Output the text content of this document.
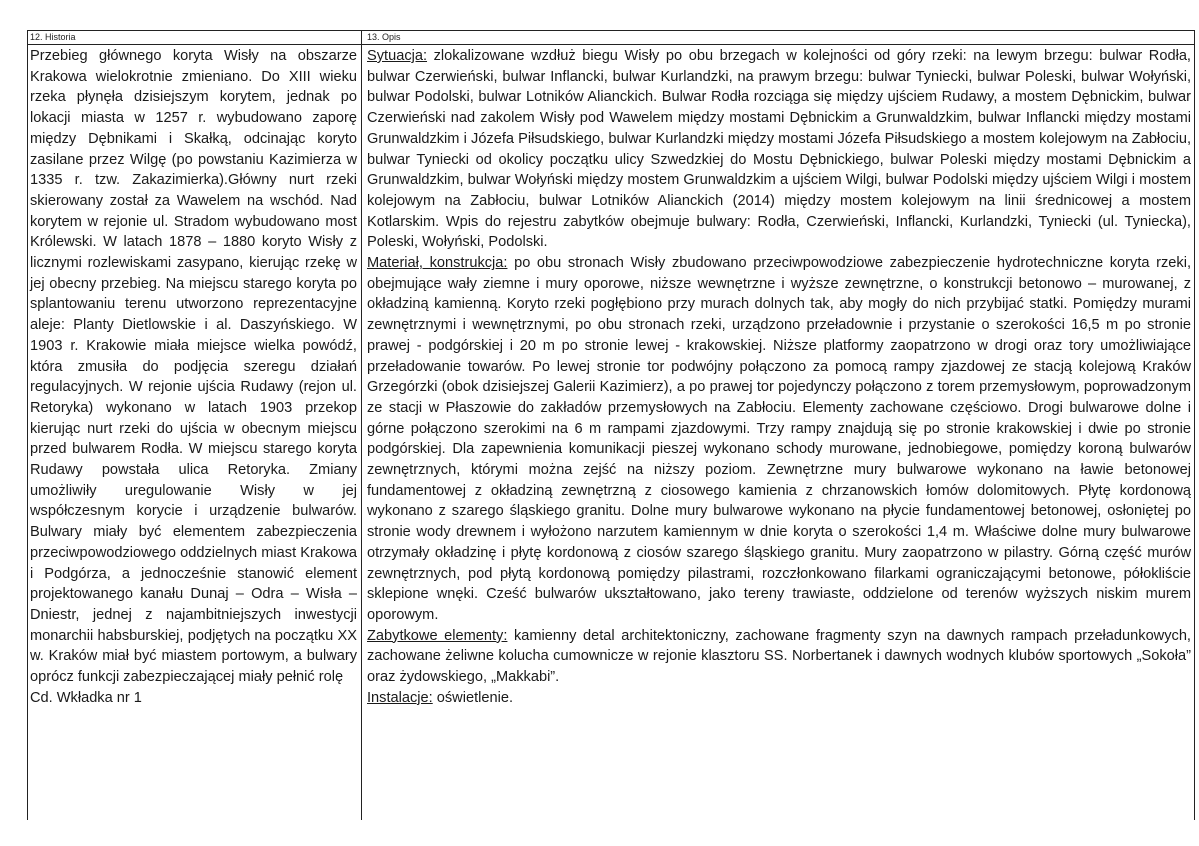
12. Historia	13. Opis
Przebieg głównego koryta Wisły na obszarze Krakowa wielokrotnie zmieniano. Do XIII wieku rzeka płynęła dzisiejszym korytem, jednak po lokacji miasta w 1257 r. wybudowano zaporę między Dębnikami i Skałką, odcinając koryto zasilane przez Wilgę (po powstaniu Kazimierza w 1335 r. tzw. Zakazimierka).Główny nurt rzeki skierowany został za Wawelem na wschód. Nad korytem w rejonie ul. Stradom wybudowano most Królewski. W latach 1878 – 1880 koryto Wisły z licznymi rozlewiskami zasypano, kierując rzekę w jej obecny przebieg. Na miejscu starego koryta po splantowaniu terenu utworzono reprezentacyjne aleje: Planty Dietlowskie i al. Daszyńskiego. W 1903 r. Krakowie miała miejsce wielka powódź, która zmusiła do podjęcia szeregu działań regulacyjnych. W rejonie ujścia Rudawy (rejon ul. Retoryka) wykonano w latach 1903 przekop kierując nurt rzeki do ujścia w obecnym miejscu przed bulwarem Rodła. W miejscu starego koryta Rudawy powstała ulica Retoryka. Zmiany umożliwiły uregulowanie Wisły w jej współczesnym korycie i urządzenie bulwarów. Bulwary miały być elementem zabezpieczenia przeciwpowodziowego oddzielnych miast Krakowa i Podgórza, a jednocześnie stanowić element projektowanego kanału Dunaj – Odra – Wisła – Dniestr, jednej z najambitniejszych inwestycji monarchii habsburskiej, podjętych na początku XX w. Kraków miał być miastem portowym, a bulwary oprócz funkcji zabezpieczającej miały pełnić rolę
Cd. Wkładka nr 1
Sytuacja: zlokalizowane wzdłuż biegu Wisły po obu brzegach w kolejności od góry rzeki: na lewym brzegu: bulwar Rodła, bulwar Czerwieński, bulwar Inflancki, bulwar Kurlandzki, na prawym brzegu: bulwar Tyniecki, bulwar Poleski, bulwar Wołyński, bulwar Podolski, bulwar Lotników Alianckich. Bulwar Rodła rozciąga się między ujściem Rudawy, a mostem Dębnickim, bulwar Czerwieński nad zakolem Wisły pod Wawelem między mostami Dębnickim a Grunwaldzkim, bulwar Inflancki między mostami Grunwaldzkim i Józefa Piłsudskiego, bulwar Kurlandzki między mostami Józefa Piłsudskiego a mostem kolejowym na Zabłociu, bulwar Tyniecki od okolicy początku ulicy Szwedzkiej do Mostu Dębnickiego, bulwar Poleski między mostami Dębnickim a Grunwaldzkim, bulwar Wołyński między mostem Grunwaldzkim a ujściem Wilgi, bulwar Podolski między ujściem Wilgi i mostem kolejowym na Zabłociu, bulwar Lotników Alianckich (2014) między mostem kolejowym na linii średnicowej a mostem Kotlarskim. Wpis do rejestru zabytków obejmuje bulwary: Rodła, Czerwieński, Inflancki, Kurlandzki, Tyniecki (ul. Tyniecka), Poleski, Wołyński, Podolski.
Materiał, konstrukcja: po obu stronach Wisły zbudowano przeciwpowodziowe zabezpieczenie hydrotechniczne koryta rzeki, obejmujące wały ziemne i mury oporowe, niższe wewnętrzne i wyższe zewnętrzne, o konstrukcji betonowo – murowanej, z okładziną kamienną. Koryto rzeki pogłębiono przy murach dolnych tak, aby mogły do nich przybijać statki. Pomiędzy murami zewnętrznymi i wewnętrznymi, po obu stronach rzeki, urządzono przeładownie i przystanie o szerokości 16,5 m po stronie prawej - podgórskiej i 20 m po stronie lewej - krakowskiej. Niższe platformy zaopatrzono w drogi oraz tory umożliwiające przeładowanie towarów. Po lewej stronie tor podwójny połączono za pomocą rampy zjazdowej ze stacją kolejową Kraków Grzegórzki (obok dzisiejszej Galerii Kazimierz), a po prawej tor pojedynczy połączono z torem przemysłowym, poprowadzonym ze stacji w Płaszowie do zakładów przemysłowych na Zabłociu. Elementy zachowane częściowo. Drogi bulwarowe dolne i górne połączono szerokimi na 6 m rampami zjazdowymi. Trzy rampy znajdują się po stronie krakowskiej i dwie po stronie podgórskiej. Dla zapewnienia komunikacji pieszej wykonano schody murowane, jednobiegowe, pomiędzy koroną bulwarów zewnętrznych, którymi można zejść na niższy poziom. Zewnętrzne mury bulwarowe wykonano na ławie betonowej fundamentowej z okładziną zewnętrzną z ciosowego kamienia z chrzanowskich łomów dolomitowych. Płytę kordonową wykonano z szarego śląskiego granitu. Dolne mury bulwarowe wykonano na płycie fundamentowej betonowej, osłoniętej po stronie wody drewnem i wyłożono narzutem kamiennym w dnie koryta o szerokości 1,4 m. Właściwe dolne mury bulwarowe otrzymały okładzinę i płytę kordonową z ciosów szarego śląskiego granitu. Mury zaopatrzono w pilastry. Górną część murów zewnętrznych, pod płytą kordonową pomiędzy pilastrami, rozczłonkowano filarkami ograniczającymi betonowe, półokliście sklepione wnęki. Cześć bulwarów ukształtowano, jako tereny trawiaste, oddzielone od terenów wyższych niskim murem oporowym.
Zabytkowe elementy: kamienny detal architektoniczny, zachowane fragmenty szyn na dawnych rampach przeładunkowych, zachowane żeliwne kolucha cumownicze w rejonie klasztoru SS. Norbertanek i dawnych wodnych klubów sportowych „Sokoła” oraz żydowskiego, „Makkabi”.
Instalacje: oświetlenie.
